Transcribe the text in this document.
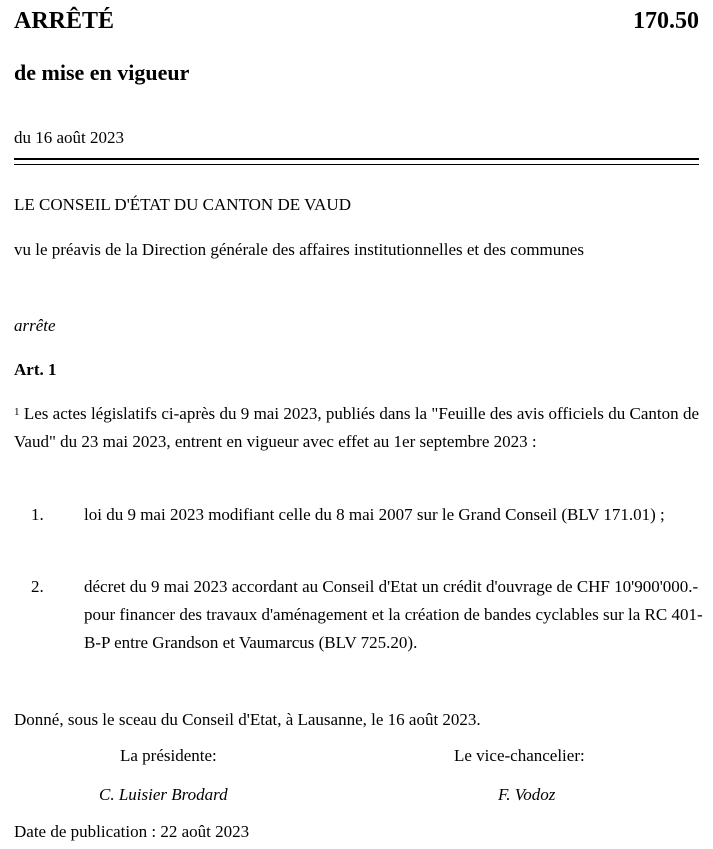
ARRÊTÉ	170.50
de mise en vigueur
du 16 août 2023
LE CONSEIL D'ÉTAT DU CANTON DE VAUD
vu le préavis de la Direction générale des affaires institutionnelles et des communes
arrête
Art. 1
$^1$ Les actes législatifs ci-après du 9 mai 2023, publiés dans la "Feuille des avis officiels du Canton de Vaud" du 23 mai 2023, entrent en vigueur avec effet au 1er septembre 2023 :
1. loi du 9 mai 2023 modifiant celle du 8 mai 2007 sur le Grand Conseil (BLV 171.01) ;
2. décret du 9 mai 2023 accordant au Conseil d'Etat un crédit d'ouvrage de CHF 10'900'000.- pour financer des travaux d'aménagement et la création de bandes cyclables sur la RC 401-B-P entre Grandson et Vaumarcus (BLV 725.20).
Donné, sous le sceau du Conseil d'Etat, à Lausanne, le 16 août 2023.
La présidente:	Le vice-chancelier:
C. Luisier Brodard	F. Vodoz
Date de publication : 22 août 2023
